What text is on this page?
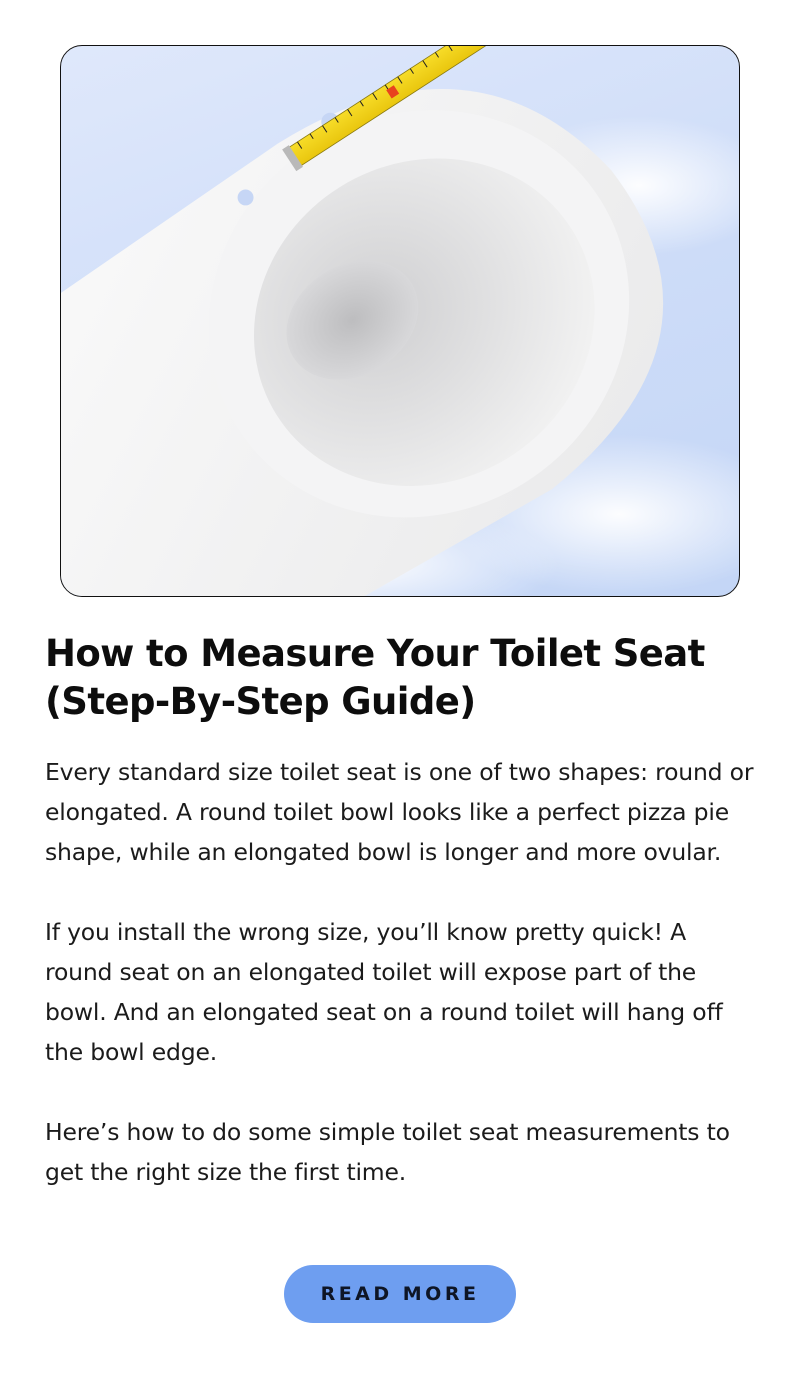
How to Measure Your Toilet Seat
(Step-By-Step Guide)

Every standard size toilet seat is one of two shapes: round or elongated. A round toilet bowl looks like a perfect pizza pie shape, while an elongated bowl is longer and more ovular.

If you install the wrong size, you’ll know pretty quick! A round seat on an elongated toilet will expose part of the bowl. And an elongated seat on a round toilet will hang off the bowl edge.

Here’s how to do some simple toilet seat measurements to get the right size the first time.

READ MORE
